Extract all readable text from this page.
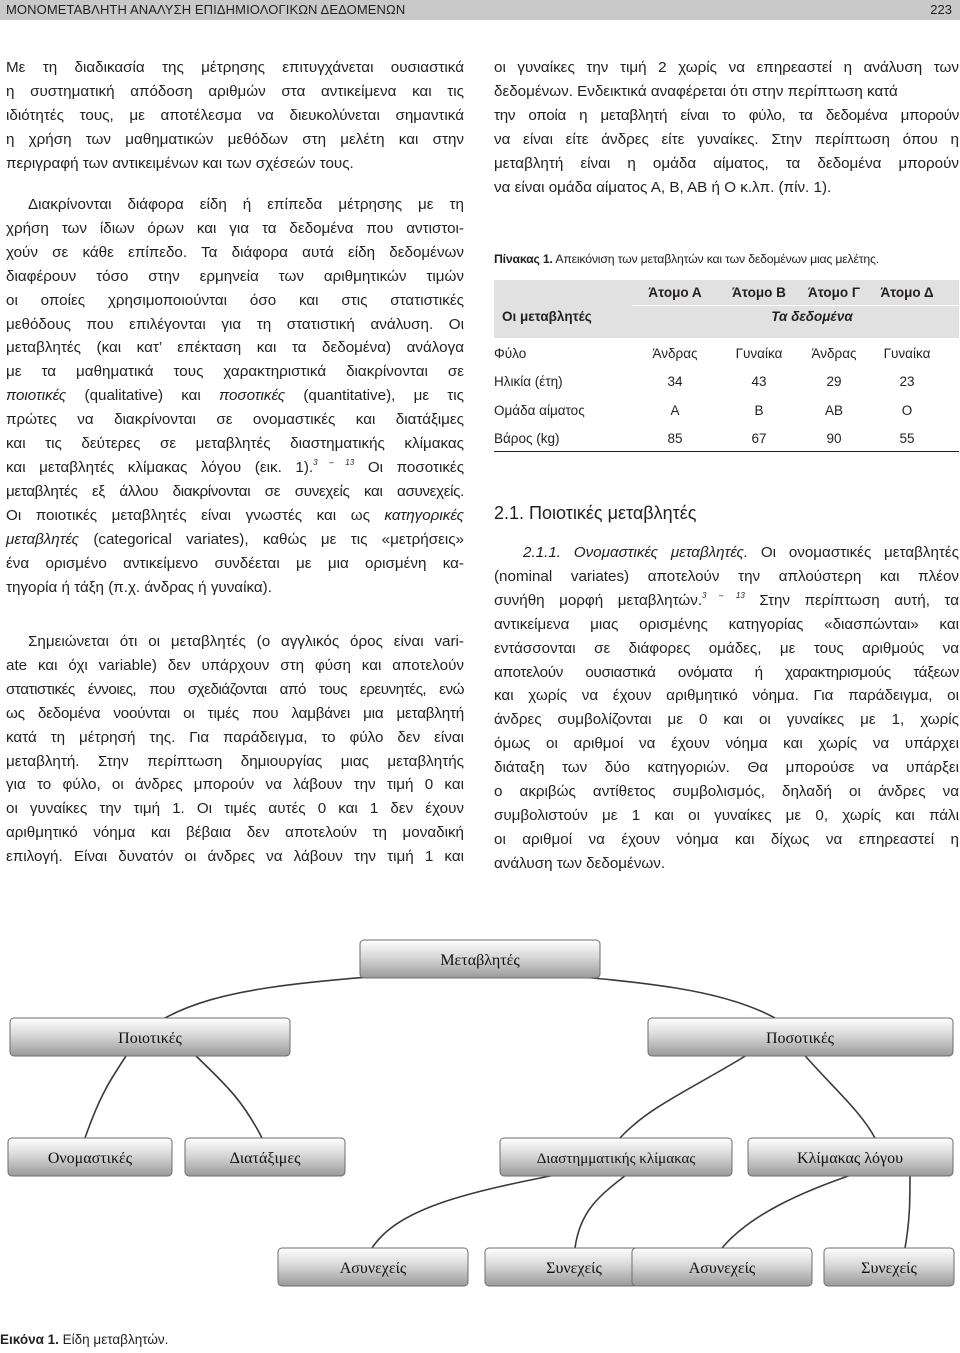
ΜΟΝΟΜΕΤΑΒΛΗΤΗ ΑΝΑΛΥΣΗ ΕΠΙΔΗΜΙΟΛΟΓΙΚΩΝ ΔΕΔΟΜΕΝΩΝ	223
Με τη διαδικασία της μέτρησης επιτυγχάνεται ουσιαστικά
η συστηματική απόδοση αριθμών στα αντικείμενα και τις
ιδιότητές τους, με αποτέλεσμα να διευκολύνεται σημαντικά
η χρήση των μαθηματικών μεθόδων στη μελέτη και στην
περιγραφή των αντικειμένων και των σχέσεών τους.
Διακρίνονται διάφορα είδη ή επίπεδα μέτρησης με τη
χρήση των ίδιων όρων και για τα δεδομένα που αντιστοι-
χούν σε κάθε επίπεδο. Τα διάφορα αυτά είδη δεδομένων
διαφέρουν τόσο στην ερμηνεία των αριθμητικών τιμών
οι οποίες χρησιμοποιούνται όσο και στις στατιστικές
μεθόδους που επιλέγονται για τη στατιστική ανάλυση. Οι
μεταβλητές (και κατ’ επέκταση και τα δεδομένα) ανάλογα
με τα μαθηματικά τους χαρακτηριστικά διακρίνονται σε
ποιοτικές (qualitative) και ποσοτικές (quantitative), με τις
πρώτες να διακρίνονται σε ονομαστικές και διατάξιμες
και τις δεύτερες σε μεταβλητές διαστηματικής κλίμακας
και μεταβλητές κλίμακας λόγου (εικ. 1).$^{3 - 13}$ Οι ποσοτικές
μεταβλητές εξ άλλου διακρίνονται σε συνεχείς και ασυνεχείς.
Οι ποιοτικές μεταβλητές είναι γνωστές και ως κατηγορικές
μεταβλητές (categorical variates), καθώς με τις «μετρήσεις»
ένα ορισμένο αντικείμενο συνδέεται με μια ορισμένη κα-
τηγορία ή τάξη (π.χ. άνδρας ή γυναίκα).
Σημειώνεται ότι οι μεταβλητές (ο αγγλικός όρος είναι vari-
ate και όχι variable) δεν υπάρχουν στη φύση και αποτελούν
στατιστικές έννοιες, που σχεδιάζονται από τους ερευνητές, ενώ
ως δεδομένα νοούνται οι τιμές που λαμβάνει μια μεταβλητή
κατά τη μέτρησή της. Για παράδειγμα, το φύλο δεν είναι
μεταβλητή. Στην περίπτωση δημιουργίας μιας μεταβλητής
για το φύλο, οι άνδρες μπορούν να λάβουν την τιμή 0 και
οι γυναίκες την τιμή 1. Οι τιμές αυτές 0 και 1 δεν έχουν
αριθμητικό νόημα και βέβαια δεν αποτελούν τη μοναδική
επιλογή. Είναι δυνατόν οι άνδρες να λάβουν την τιμή 1 και
οι γυναίκες την τιμή 2 χωρίς να επηρεαστεί η ανάλυση των
δεδομένων. Ενδεικτικά αναφέρεται ότι στην περίπτωση κατά
την οποία η μεταβλητή είναι το φύλο, τα δεδομένα μπορούν
να είναι είτε άνδρες είτε γυναίκες. Στην περίπτωση όπου η
μεταβλητή είναι η ομάδα αίματος, τα δεδομένα μπορούν
να είναι ομάδα αίματος Α, Β, ΑΒ ή Ο κ.λπ. (πίν. 1).
Πίνακας 1. Απεικόνιση των μεταβλητών και των δεδομένων μιας μελέτης.
Άτομο Α	Άτομο Β	Άτομο Γ	Άτομο Δ
Οι μεταβλητές	Τα δεδομένα
Φύλο	Άνδρας	Γυναίκα	Άνδρας	Γυναίκα
Ηλικία (έτη)	34	43	29	23
Ομάδα αίματος	Α	Β	ΑΒ	Ο
Βάρος (kg)	85	67	90	55
2.1. Ποιοτικές μεταβλητές
2.1.1. Ονομαστικές μεταβλητές. Οι ονομαστικές μεταβλητές
(nominal variates) αποτελούν την απλούστερη και πλέον
συνήθη μορφή μεταβλητών.$^{3 - 13}$ Στην περίπτωση αυτή, τα
αντικείμενα μιας ορισμένης κατηγορίας «διασπώνται» και
εντάσσονται σε διάφορες ομάδες, με τους αριθμούς να
αποτελούν ουσιαστικά ονόματα ή χαρακτηρισμούς τάξεων
και χωρίς να έχουν αριθμητικό νόημα. Για παράδειγμα, οι
άνδρες συμβολίζονται με 0 και οι γυναίκες με 1, χωρίς
όμως οι αριθμοί να έχουν νόημα και χωρίς να υπάρχει
διάταξη των δύο κατηγοριών. Θα μπορούσε να υπάρξει
ο ακριβώς αντίθετος συμβολισμός, δηλαδή οι άνδρες να
συμβολιστούν με 1 και οι γυναίκες με 0, χωρίς και πάλι
οι αριθμοί να έχουν νόημα και δίχως να επηρεαστεί η
ανάλυση των δεδομένων.
Μεταβλητές
Ποιοτικές	Ποσοτικές
Ονομαστικές	Διατάξιμες	Διαστημματικής κλίμακας	Κλίμακας λόγου
Ασυνεχείς	Συνεχείς	Ασυνεχείς	Συνεχείς
Εικόνα 1. Είδη μεταβλητών.
